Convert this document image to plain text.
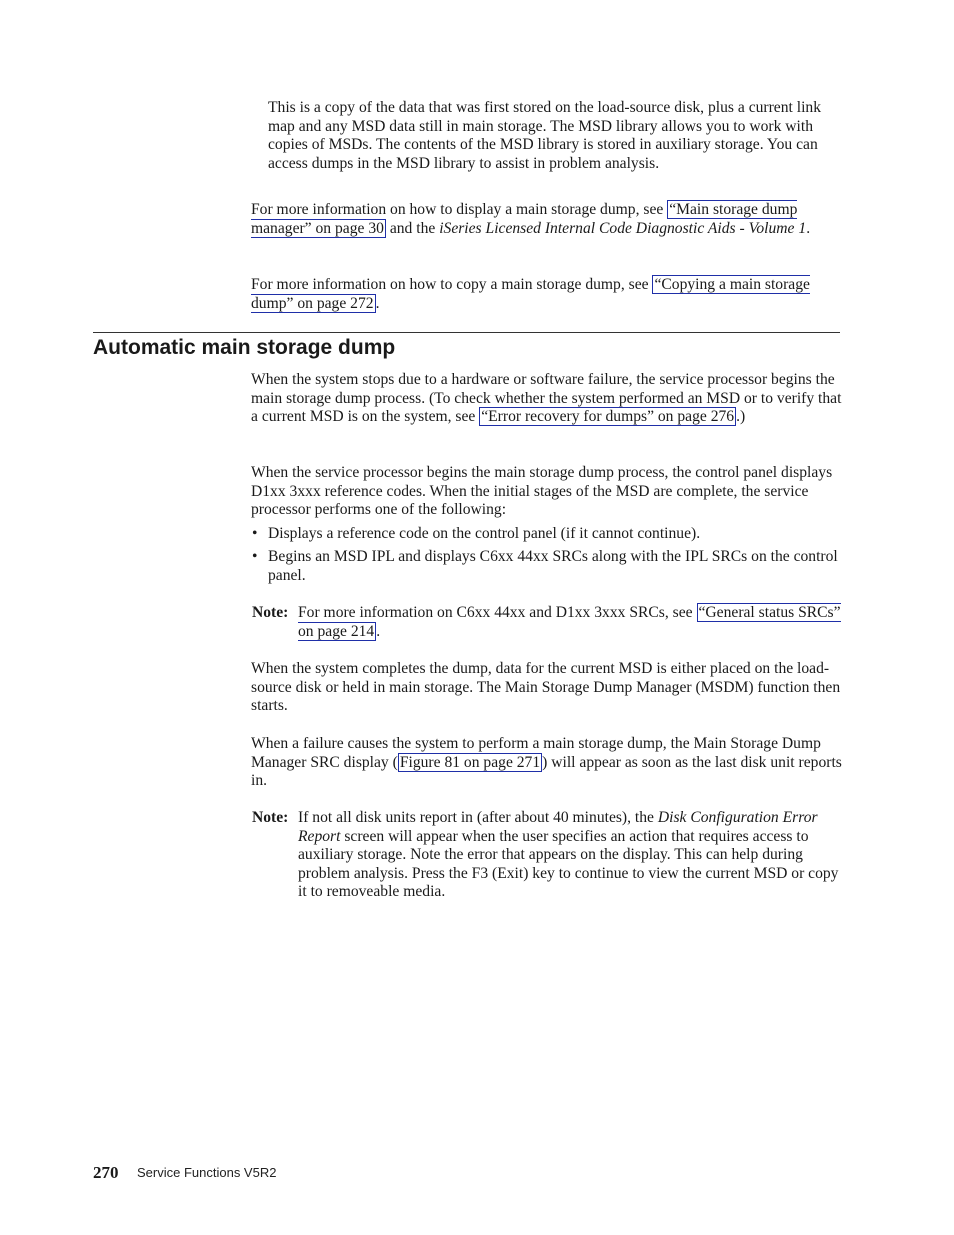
This is a copy of the data that was first stored on the load-source disk, plus a current link map and any MSD data still in main storage. The MSD library allows you to work with copies of MSDs. The contents of the MSD library is stored in auxiliary storage. You can access dumps in the MSD library to assist in problem analysis.

For more information on how to display a main storage dump, see “Main storage dump manager” on page 30 and the iSeries Licensed Internal Code Diagnostic Aids - Volume 1.

For more information on how to copy a main storage dump, see “Copying a main storage dump” on page 272 .

Automatic main storage dump

When the system stops due to a hardware or software failure, the service processor begins the main storage dump process. (To check whether the system performed an MSD or to verify that a current MSD is on the system, see “Error recovery for dumps” on page 276 .)

When the service processor begins the main storage dump process, the control panel displays D1xx 3xxx reference codes. When the initial stages of the MSD are complete, the service processor performs one of the following:

• Displays a reference code on the control panel (if it cannot continue).

• Begins an MSD IPL and displays C6xx 44xx SRCs along with the IPL SRCs on the control panel.

Note: For more information on C6xx 44xx and D1xx 3xxx SRCs, see “General status SRCs” on page 214 .

When the system completes the dump, data for the current MSD is either placed on the load-source disk or held in main storage. The Main Storage Dump Manager (MSDM) function then starts.

When a failure causes the system to perform a main storage dump, the Main Storage Dump Manager SRC display ( Figure 81 on page 271 ) will appear as soon as the last disk unit reports in.

Note: If not all disk units report in (after about 40 minutes), the Disk Configuration Error Report screen will appear when the user specifies an action that requires access to auxiliary storage. Note the error that appears on the display. This can help during problem analysis. Press the F3 (Exit) key to continue to view the current MSD or copy it to removeable media.

270 Service Functions V5R2
